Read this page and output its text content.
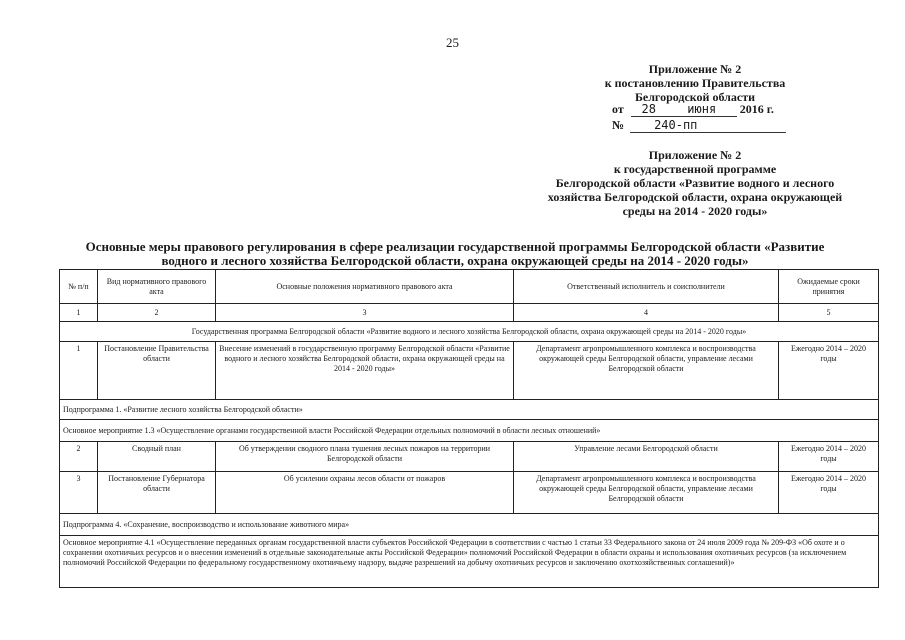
25
Приложение № 2
к постановлению Правительства
Белгородской области
от 28	июня 2016 г.
№	240-пп
Приложение № 2
к государственной программе
Белгородской области «Развитие водного и лесного
хозяйства Белгородской области, охрана окружающей
среды на 2014 - 2020 годы»
Основные меры правового регулирования в сфере реализации государственной программы Белгородской области «Развитие
водного и лесного хозяйства Белгородской области, охрана окружающей среды на 2014 - 2020 годы»
№ п/п	Вид нормативного правового акта	Основные положения нормативного правового акта	Ответственный исполнитель и соисполнители	Ожидаемые сроки принятия
1	2	3	4	5
Государственная программа Белгородской области «Развитие водного и лесного хозяйства Белгородской области, охрана окружающей среды на 2014 - 2020 годы»				
1	Постановление Правительства области	Внесение изменений в государственную программу Белгородской области «Развитие водного и лесного хозяйства Белгородской области, охрана окружающей среды на 2014 - 2020 годы»	Департамент агропромышленного комплекса и воспроизводства окружающей среды Белгородской области, управление лесами Белгородской области	Ежегодно 2014 – 2020 годы
Подпрограмма 1. «Развитие лесного хозяйства Белгородской области»				
Основное мероприятие 1.3 «Осуществление органами государственной власти Российской Федерации отдельных полномочий в области лесных отношений»				
2	Сводный план	Об утверждении сводного плана тушения лесных пожаров на территории Белгородской области	Управление лесами Белгородской области	Ежегодно 2014 – 2020 годы
3	Постановление Губернатора области	Об усилении охраны лесов области от пожаров	Департамент агропромышленного комплекса и воспроизводства окружающей среды Белгородской области, управление лесами Белгородской области	Ежегодно 2014 – 2020 годы
Подпрограмма 4. «Сохранение, воспроизводство и использование животного мира»				
Основное мероприятие 4.1 «Осуществление переданных органам государственной власти субъектов Российской Федерации в соответствии с частью 1 статьи 33 Федерального закона от 24 июля 2009 года № 209-ФЗ «Об охоте и о сохранении охотничьих ресурсов и о внесении изменений в отдельные законодательные акты Российской Федерации» полномочий Российской Федерации в области охраны и использования охотничьих ресурсов (за исключением полномочий Российской Федерации по федеральному государственному охотничьему надзору, выдаче разрешений на добычу охотничьих ресурсов и заключению охотхозяйственных соглашений)»				
